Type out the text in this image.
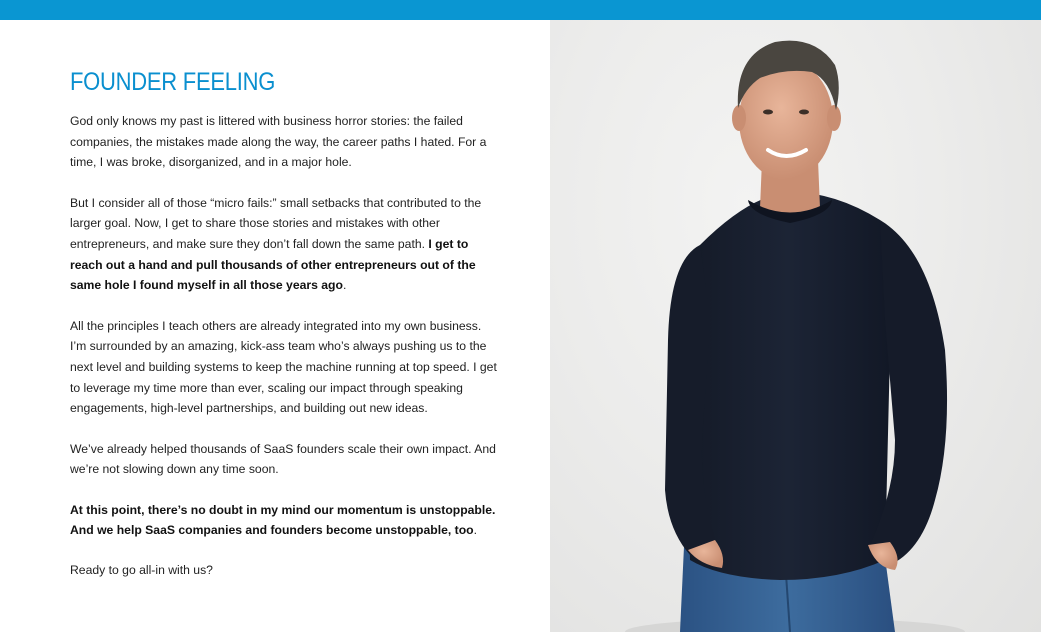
FOUNDER FEELING

God only knows my past is littered with business horror stories: the failed companies, the mistakes made along the way, the career paths I hated. For a time, I was broke, disorganized, and in a major hole.

But I consider all of those “micro fails:” small setbacks that contributed to the larger goal. Now, I get to share those stories and mistakes with other entrepreneurs, and make sure they don’t fall down the same path. I get to reach out a hand and pull thousands of other entrepreneurs out of the same hole I found myself in all those years ago.

All the principles I teach others are already integrated into my own business. I’m surrounded by an amazing, kick-ass team who’s always pushing us to the next level and building systems to keep the machine running at top speed. I get to leverage my time more than ever, scaling our impact through speaking engagements, high-level partnerships, and building out new ideas.

We’ve already helped thousands of SaaS founders scale their own impact. And we’re not slowing down any time soon.

At this point, there’s no doubt in my mind our momentum is unstoppable. And we help SaaS companies and founders become unstoppable, too.

Ready to go all-in with us?
